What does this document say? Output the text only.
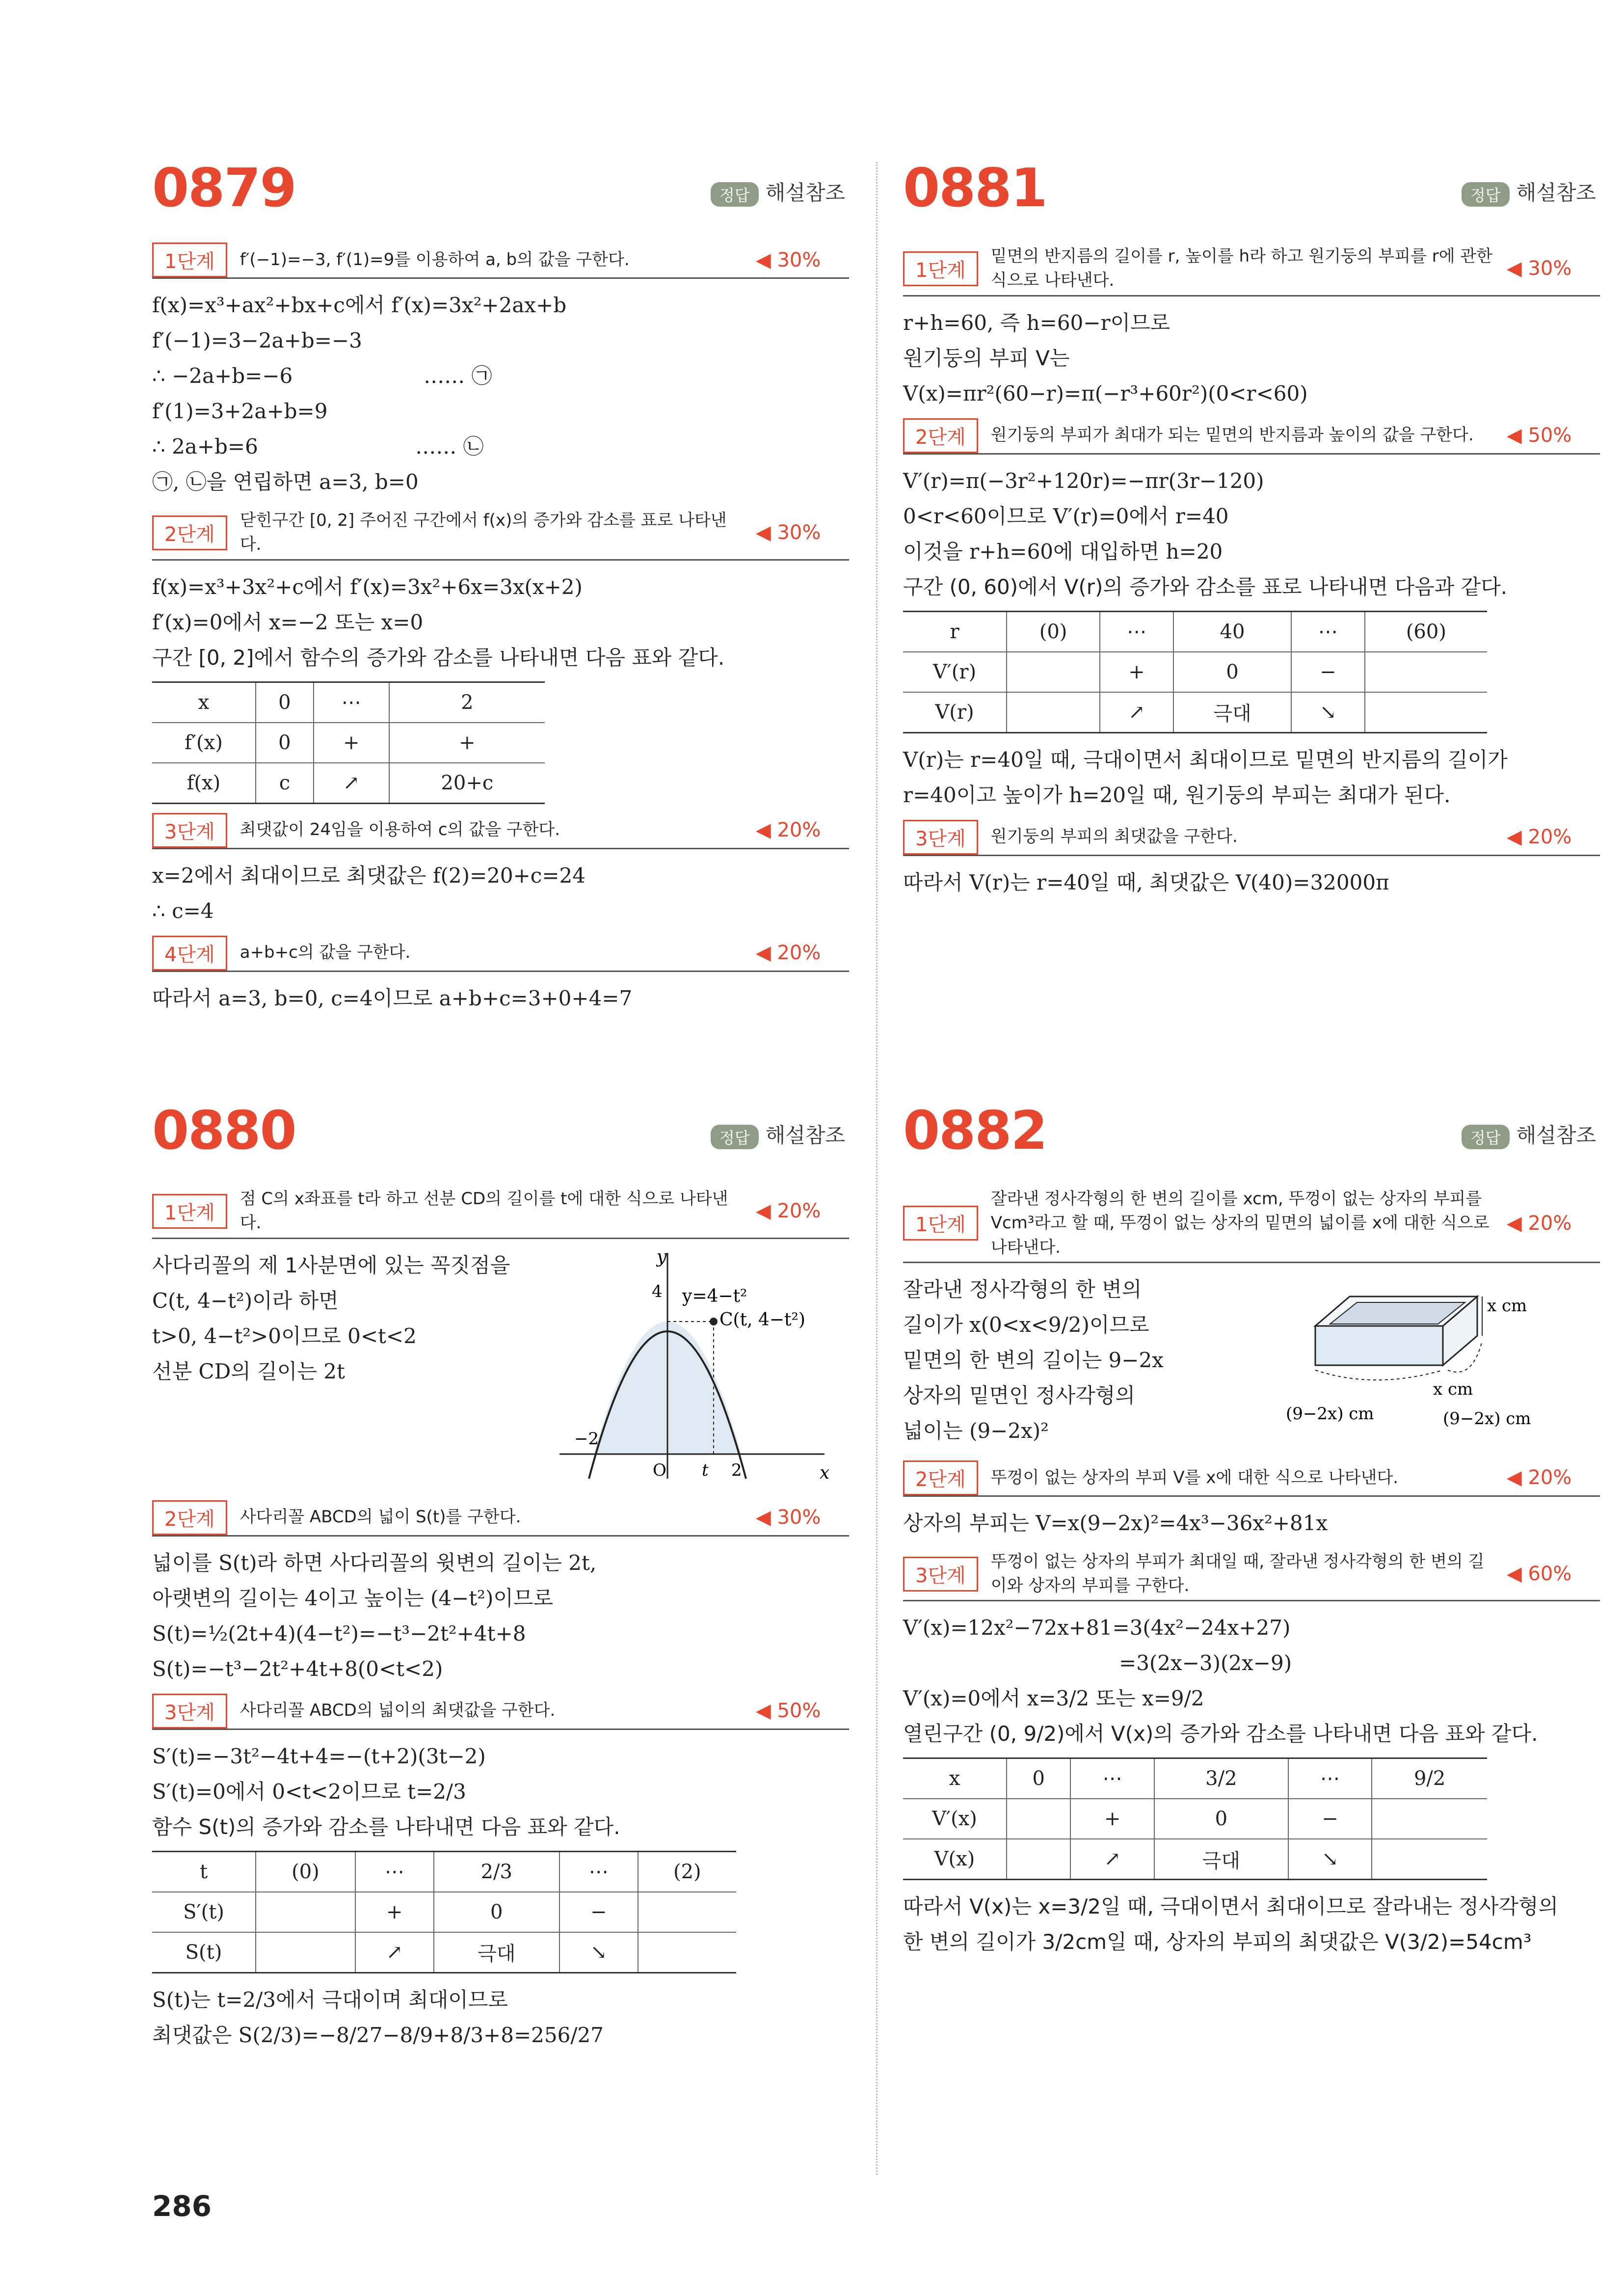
0879	정답 해설참조
1단계	f′(−1)=−3, f′(1)=9를 이용하여 a, b의 값을 구한다.	◀ 30%
f(x)=x³+ax²+bx+c에서 f′(x)=3x²+2ax+b
f′(−1)=3−2a+b=−3
∴ −2a+b=−6                    …… ㉠
f′(1)=3+2a+b=9
∴ 2a+b=6                        …… ㉡
㉠, ㉡을 연립하면 a=3, b=0
2단계
닫힌구간 [0, 2] 주어진 구간에서 f(x)의 증가와 감소를 표로 나타낸다.
◀ 30%
f(x)=x³+3x²+c에서 f′(x)=3x²+6x=3x(x+2)
f′(x)=0에서 x=−2 또는 x=0
구간 [0, 2]에서 함수의 증가와 감소를 나타내면 다음 표와 같다.
x	0	⋯	2
f′(x)	0	+	+
f(x)	c	↗	20+c
3단계	최댓값이 24임을 이용하여 c의 값을 구한다.	◀ 20%
x=2에서 최대이므로 최댓값은 f(2)=20+c=24
∴ c=4
4단계	a+b+c의 값을 구한다.	◀ 20%
따라서 a=3, b=0, c=4이므로 a+b+c=3+0+4=7
0880	정답 해설참조
1단계
점 C의 x좌표를 t라 하고 선분 CD의 길이를 t에 대한 식으로 나타낸다.
◀ 20%
사다리꼴의 제 1사분면에 있는 꼭짓점을
C(t, 4−t²)이라 하면
t>0, 4−t²>0이므로 0<t<2
선분 CD의 길이는 2t
y
x
y=4−t²
C(t, 4−t²)
4
−2
O t 2
2단계	사다리꼴 ABCD의 넓이 S(t)를 구한다.	◀ 30%
넓이를 S(t)라 하면 사다리꼴의 윗변의 길이는 2t,
아랫변의 길이는 4이고 높이는 (4−t²)이므로
S(t)=½(2t+4)(4−t²)=−t³−2t²+4t+8
S(t)=−t³−2t²+4t+8(0<t<2)
3단계	사다리꼴 ABCD의 넓이의 최댓값을 구한다.	◀ 50%
S′(t)=−3t²−4t+4=−(t+2)(3t−2)
S′(t)=0에서 0<t<2이므로 t=2/3
함수 S(t)의 증가와 감소를 나타내면 다음 표와 같다.
t	(0)	⋯	2/3	⋯	(2)
S′(t)		+	0	−	
S(t)		↗	극대	↘	
S(t)는 t=2/3에서 극대이며 최대이므로
최댓값은 S(2/3)=−8/27−8/9+8/3+8=256/27
0881	정답 해설참조
1단계
밑면의 반지름의 길이를 r, 높이를 h라 하고 원기둥의 부피를 r에 관한 식으로 나타낸다.
◀ 30%
r+h=60, 즉 h=60−r이므로
원기둥의 부피 V는
V(x)=πr²(60−r)=π(−r³+60r²)(0<r<60)
2단계	원기둥의 부피가 최대가 되는 밑면의 반지름과 높이의 값을 구한다.	◀ 50%
V′(r)=π(−3r²+120r)=−πr(3r−120)
0<r<60이므로 V′(r)=0에서 r=40
이것을 r+h=60에 대입하면 h=20
구간 (0, 60)에서 V(r)의 증가와 감소를 표로 나타내면 다음과 같다.
r	(0)	⋯	40	⋯	(60)
V′(r)		+	0	−	
V(r)		↗	극대	↘	
V(r)는 r=40일 때, 극대이면서 최대이므로 밑면의 반지름의 길이가
r=40이고 높이가 h=20일 때, 원기둥의 부피는 최대가 된다.
3단계	원기둥의 부피의 최댓값을 구한다.	◀ 20%
따라서 V(r)는 r=40일 때, 최댓값은 V(40)=32000π
0882	정답 해설참조
1단계
잘라낸 정사각형의 한 변의 길이를 xcm, 뚜껑이 없는 상자의 부피를 Vcm³라고 할 때, 뚜껑이 없는 상자의 밑면의 넓이를 x에 대한 식으로 나타낸다.
◀ 20%
잘라낸 정사각형의 한 변의
길이가 x(0<x<9/2)이므로
밑면의 한 변의 길이는 9−2x
상자의 밑면인 정사각형의
넓이는 (9−2x)²
x cm
x cm
(9−2x) cm	(9−2x) cm
2단계	뚜껑이 없는 상자의 부피 V를 x에 대한 식으로 나타낸다.	◀ 20%
상자의 부피는 V=x(9−2x)²=4x³−36x²+81x
3단계
뚜껑이 없는 상자의 부피가 최대일 때, 잘라낸 정사각형의 한 변의 길이와 상자의 부피를 구한다.
◀ 60%
V′(x)=12x²−72x+81=3(4x²−24x+27)
=3(2x−3)(2x−9)
V′(x)=0에서 x=3/2 또는 x=9/2
열린구간 (0, 9/2)에서 V(x)의 증가와 감소를 나타내면 다음 표와 같다.
x	0	⋯	3/2	⋯	9/2
V′(x)		+	0	−	
V(x)		↗	극대	↘	
따라서 V(x)는 x=3/2일 때, 극대이면서 최대이므로 잘라내는 정사각형의
한 변의 길이가 3/2cm일 때, 상자의 부피의 최댓값은 V(3/2)=54cm³
286
